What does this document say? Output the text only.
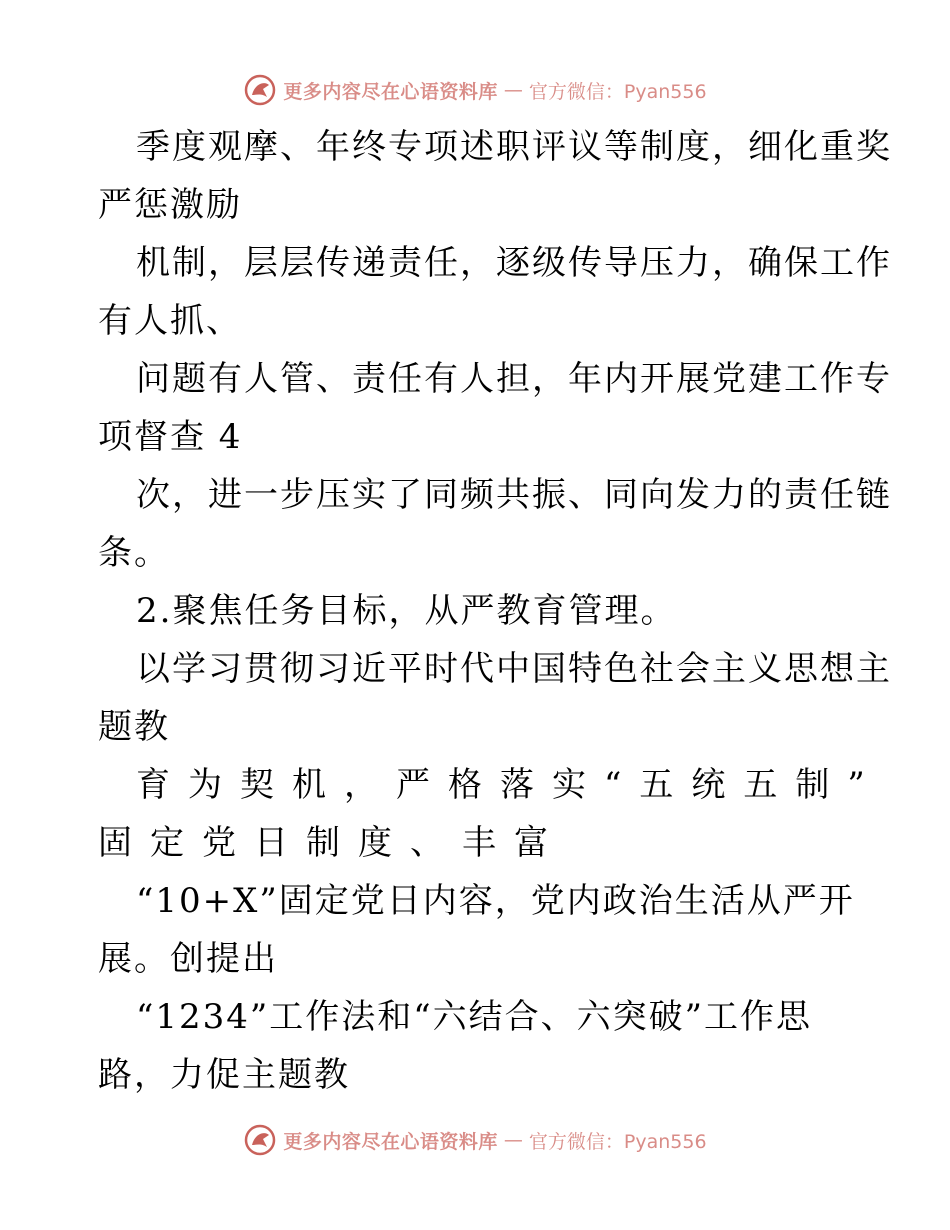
更多内容尽在心语资料库 — 官方微信：Pyan556
季度观摩、年终专项述职评议等制度，细化重奖
严惩激励
机制，层层传递责任，逐级传导压力，确保工作
有人抓、
问题有人管、责任有人担，年内开展党建工作专
项督查 4
次，进一步压实了同频共振、同向发力的责任链
条。
2.聚焦任务目标，从严教育管理。
以学习贯彻习近平时代中国特色社会主义思想主
题教
育为契机，严格落实“五统五制”
固定党日制度、丰富
“10+X”固定党日内容，党内政治生活从严开
展。创提出
“1234”工作法和“六结合、六突破”工作思
路，力促主题教
更多内容尽在心语资料库 — 官方微信：Pyan556
